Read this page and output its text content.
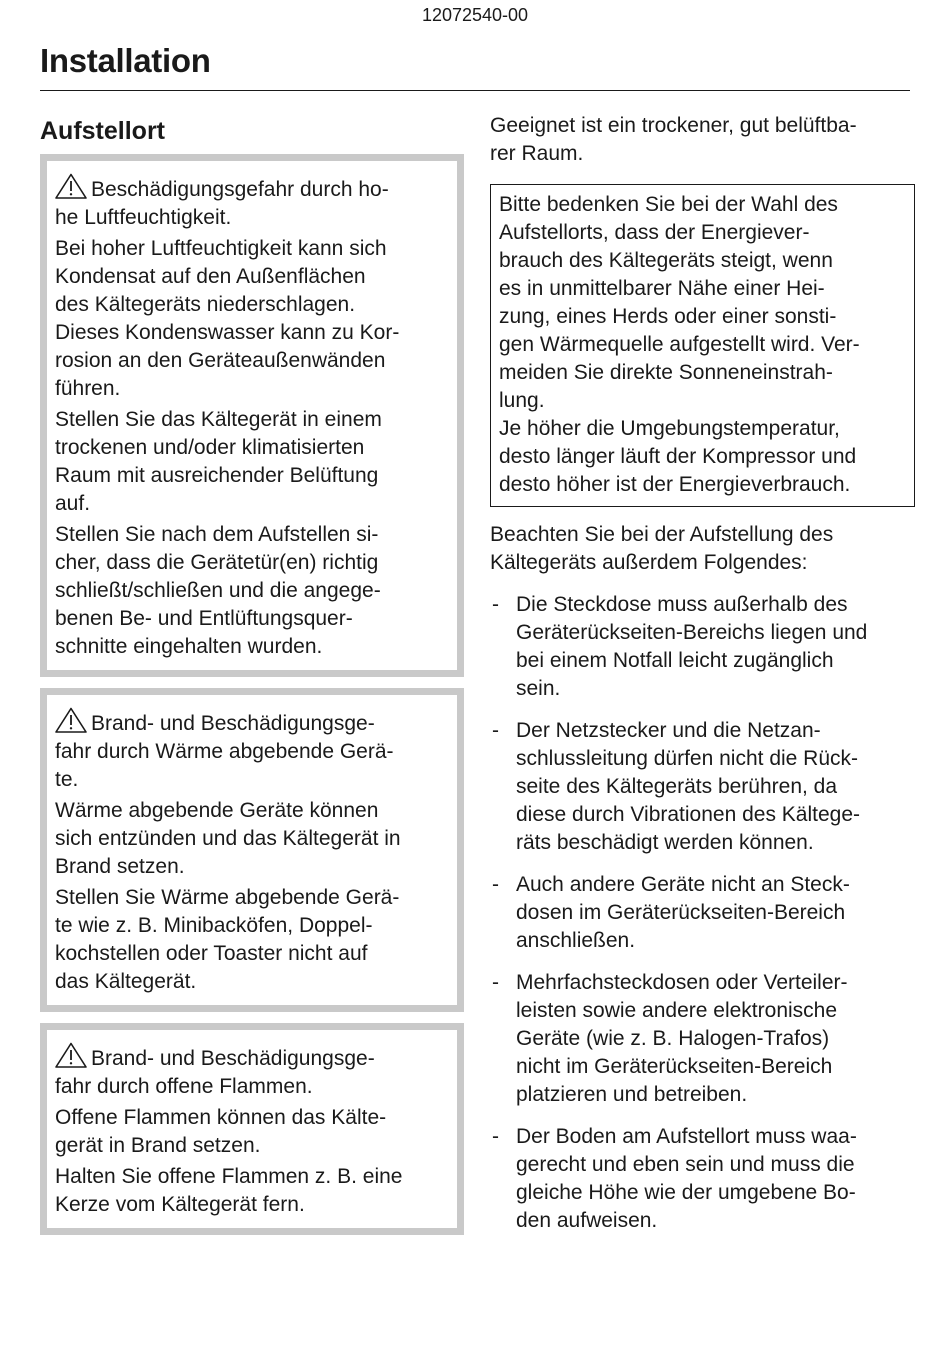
12072540-00
Installation
Aufstellort
Beschädigungsgefahr durch ho-
he Luftfeuchtigkeit.

Bei hoher Luftfeuchtigkeit kann sich
Kondensat auf den Außenflächen
des Kältegeräts niederschlagen.
Dieses Kondenswasser kann zu Kor-
rosion an den Geräteaußenwänden
führen.

Stellen Sie das Kältegerät in einem
trockenen und/oder klimatisierten
Raum mit ausreichender Belüftung
auf.

Stellen Sie nach dem Aufstellen si-
cher, dass die Gerätetür(en) richtig
schließt/schließen und die angege-
benen Be- und Entlüftungsquer-
schnitte eingehalten wurden.

Brand- und Beschädigungsge-
fahr durch Wärme abgebende Gerä-
te.

Wärme abgebende Geräte können
sich entzünden und das Kältegerät in
Brand setzen.

Stellen Sie Wärme abgebende Gerä-
te wie z. B. Minibacköfen, Doppel-
kochstellen oder Toaster nicht auf
das Kältegerät.

Brand- und Beschädigungsge-
fahr durch offene Flammen.

Offene Flammen können das Kälte-
gerät in Brand setzen.

Halten Sie offene Flammen z. B. eine
Kerze vom Kältegerät fern.

Geeignet ist ein trockener, gut belüftba-
rer Raum.

Bitte bedenken Sie bei der Wahl des
Aufstellorts, dass der Energiever-
brauch des Kältegeräts steigt, wenn
es in unmittelbarer Nähe einer Hei-
zung, eines Herds oder einer sonsti-
gen Wärmequelle aufgestellt wird. Ver-
meiden Sie direkte Sonneneinstrah-
lung.

Je höher die Umgebungstemperatur,
desto länger läuft der Kompressor und
desto höher ist der Energieverbrauch.

Beachten Sie bei der Aufstellung des
Kältegeräts außerdem Folgendes:

- Die Steckdose muss außerhalb des
Geräterückseiten-Bereichs liegen und
bei einem Notfall leicht zugänglich
sein.
- Der Netzstecker und die Netzan-
schlussleitung dürfen nicht die Rück-
seite des Kältegeräts berühren, da
diese durch Vibrationen des Kältege-
räts beschädigt werden können.
- Auch andere Geräte nicht an Steck-
dosen im Geräterückseiten-Bereich
anschließen.
- Mehrfachsteckdosen oder Verteiler-
leisten sowie andere elektronische
Geräte (wie z. B. Halogen-Trafos)
nicht im Geräterückseiten-Bereich
platzieren und betreiben.
- Der Boden am Aufstellort muss waa-
gerecht und eben sein und muss die
gleiche Höhe wie der umgebene Bo-
den aufweisen.
